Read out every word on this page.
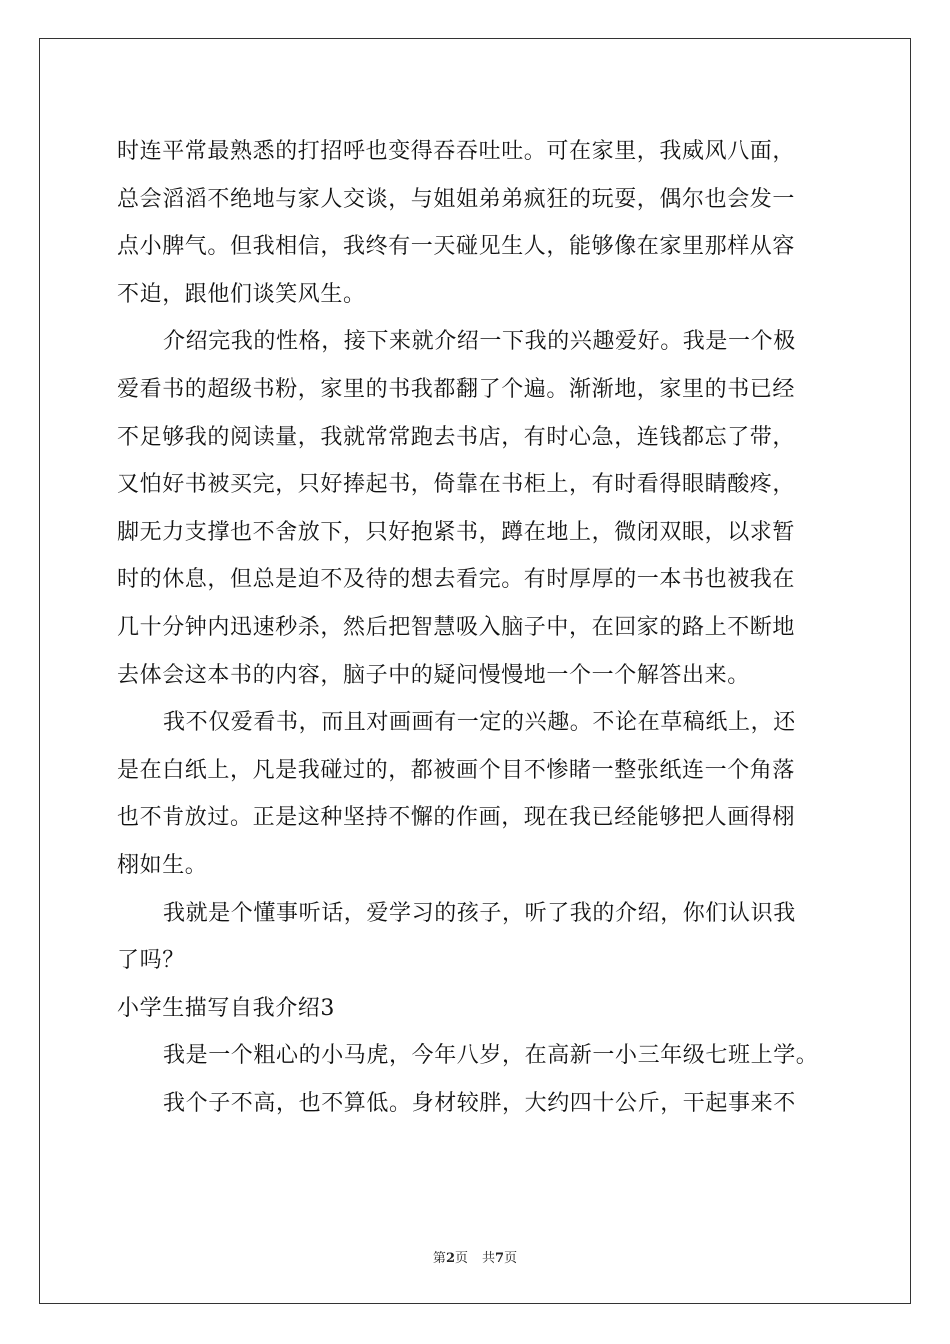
时连平常最熟悉的打招呼也变得吞吞吐吐。可在家里，我威风八面，
总会滔滔不绝地与家人交谈，与姐姐弟弟疯狂的玩耍，偶尔也会发一
点小脾气。但我相信，我终有一天碰见生人，能够像在家里那样从容
不迫，跟他们谈笑风生。
介绍完我的性格，接下来就介绍一下我的兴趣爱好。我是一个极
爱看书的超级书粉，家里的书我都翻了个遍。渐渐地，家里的书已经
不足够我的阅读量，我就常常跑去书店，有时心急，连钱都忘了带，
又怕好书被买完，只好捧起书，倚靠在书柜上，有时看得眼睛酸疼，
脚无力支撑也不舍放下，只好抱紧书，蹲在地上，微闭双眼，以求暂
时的休息，但总是迫不及待的想去看完。有时厚厚的一本书也被我在
几十分钟内迅速秒杀，然后把智慧吸入脑子中，在回家的路上不断地
去体会这本书的内容，脑子中的疑问慢慢地一个一个解答出来。
我不仅爱看书，而且对画画有一定的兴趣。不论在草稿纸上，还
是在白纸上，凡是我碰过的，都被画个目不惨睹一整张纸连一个角落
也不肯放过。正是这种坚持不懈的作画，现在我已经能够把人画得栩
栩如生。
我就是个懂事听话，爱学习的孩子，听了我的介绍，你们认识我
了吗？
小学生描写自我介绍3
我是一个粗心的小马虎，今年八岁，在高新一小三年级七班上学。
我个子不高，也不算低。身材较胖，大约四十公斤，干起事来不
第2页 共7页
